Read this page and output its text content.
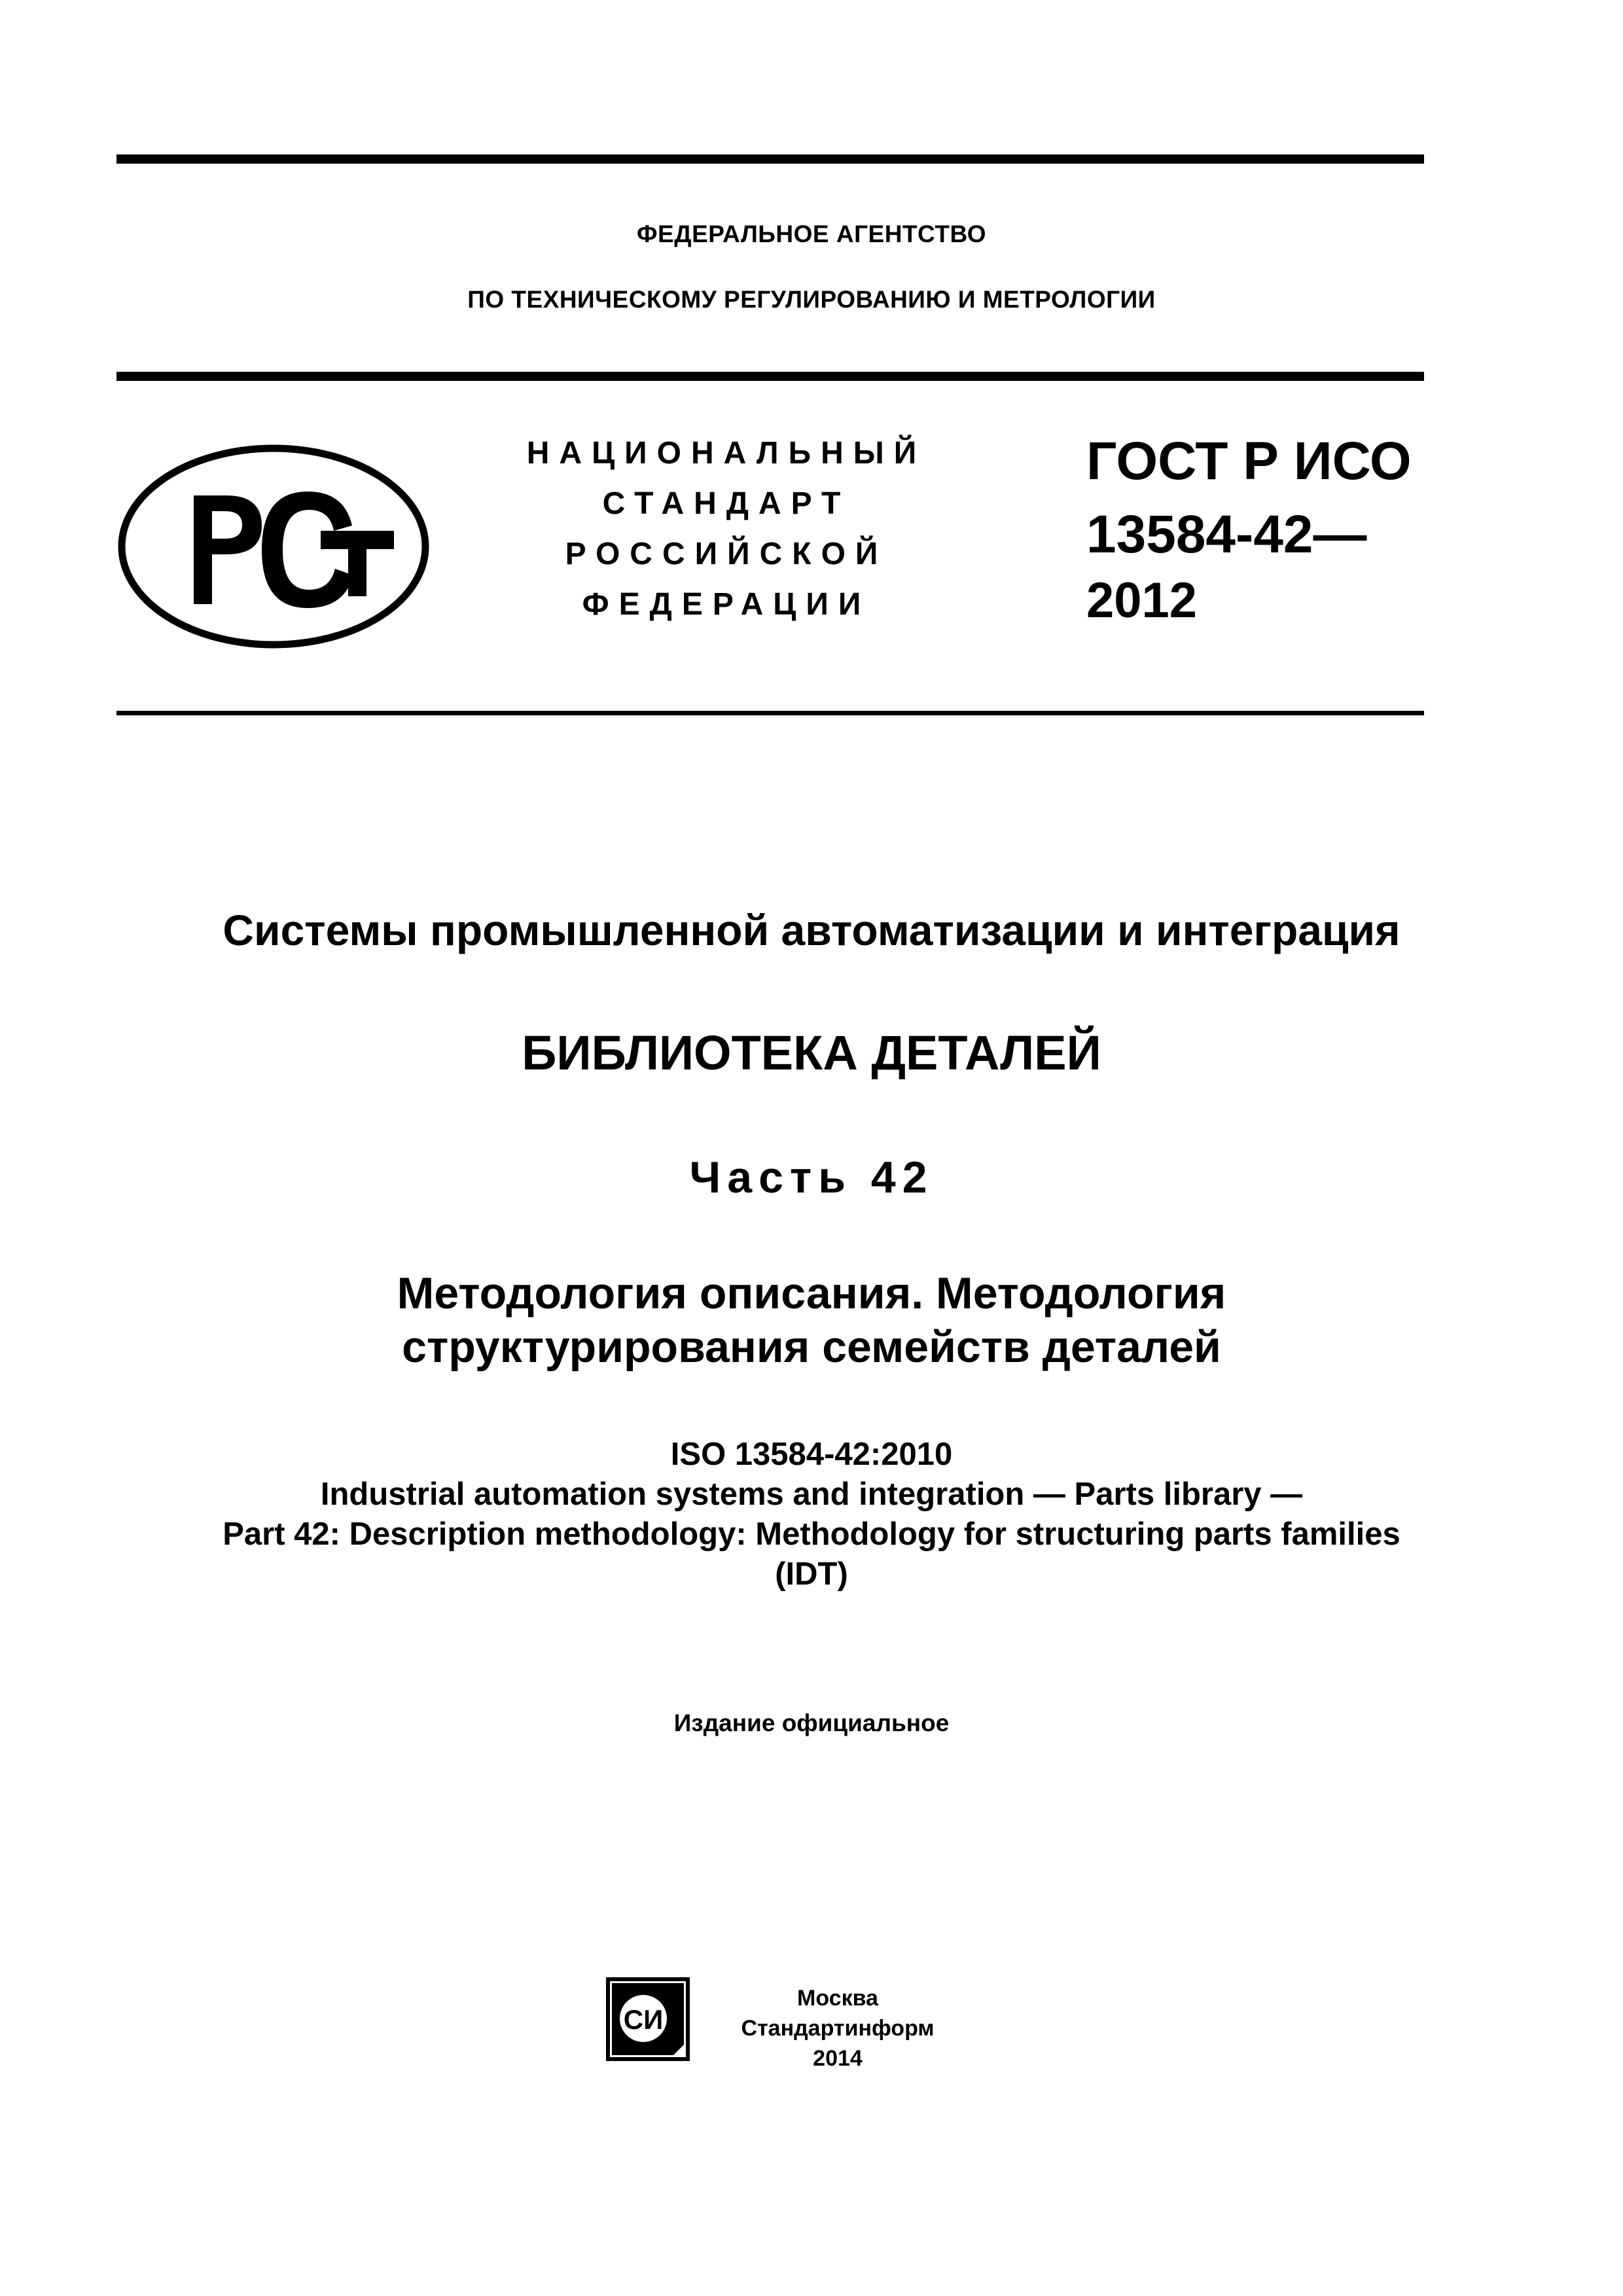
ФЕДЕРАЛЬНОЕ АГЕНТСТВО
ПО ТЕХНИЧЕСКОМУ РЕГУЛИРОВАНИЮ И МЕТРОЛОГИИ
НАЦИОНАЛЬНЫЙ
СТАНДАРТ
РОССИЙСКОЙ
ФЕДЕРАЦИИ
ГОСТ Р ИСО
13584-42—
2012
Системы промышленной автоматизации и интеграция
БИБЛИОТЕКА ДЕТАЛЕЙ
Часть 42
Методология описания. Методология
структурирования семейств деталей
ISO 13584-42:2010
Industrial automation systems and integration — Parts library —
Part 42: Description methodology: Methodology for structuring parts families
(IDT)
Издание официальное
СИ
Москва
Стандартинформ
2014
